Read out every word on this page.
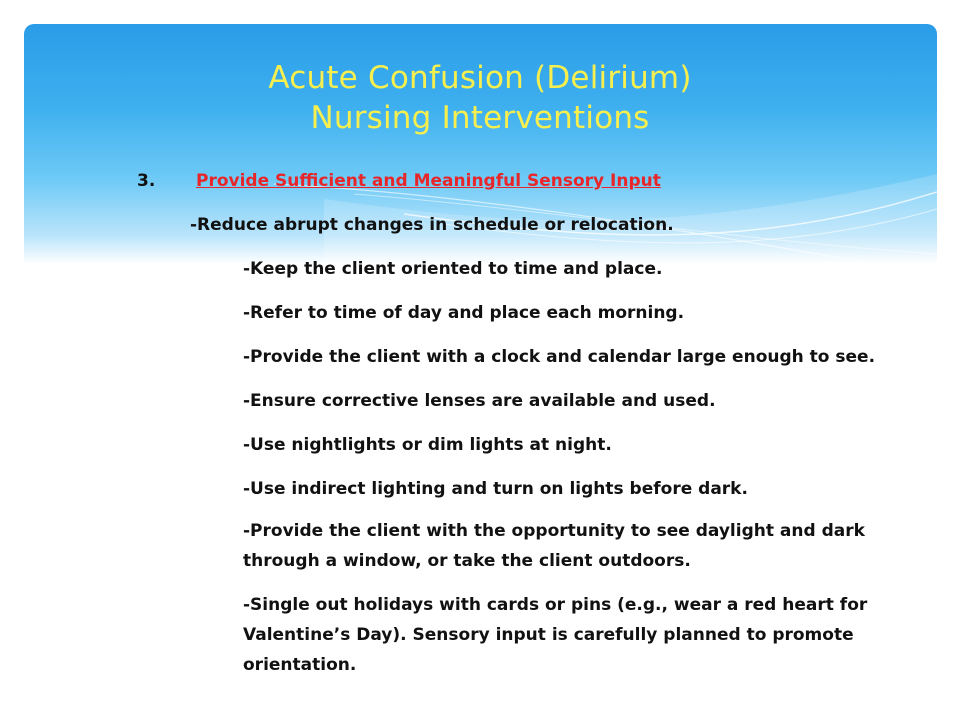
Acute Confusion (Delirium)
Nursing Interventions
3. Provide Sufficient and Meaningful Sensory Input
-Reduce abrupt changes in schedule or relocation.
-Keep the client oriented to time and place.
-Refer to time of day and place each morning.
-Provide the client with a clock and calendar large enough to see.
-Ensure corrective lenses are available and used.
-Use nightlights or dim lights at night.
-Use indirect lighting and turn on lights before dark.
-Provide the client with the opportunity to see daylight and dark
through a window, or take the client outdoors.
-Single out holidays with cards or pins (e.g., wear a red heart for
Valentine’s Day). Sensory input is carefully planned to promote
orientation.
